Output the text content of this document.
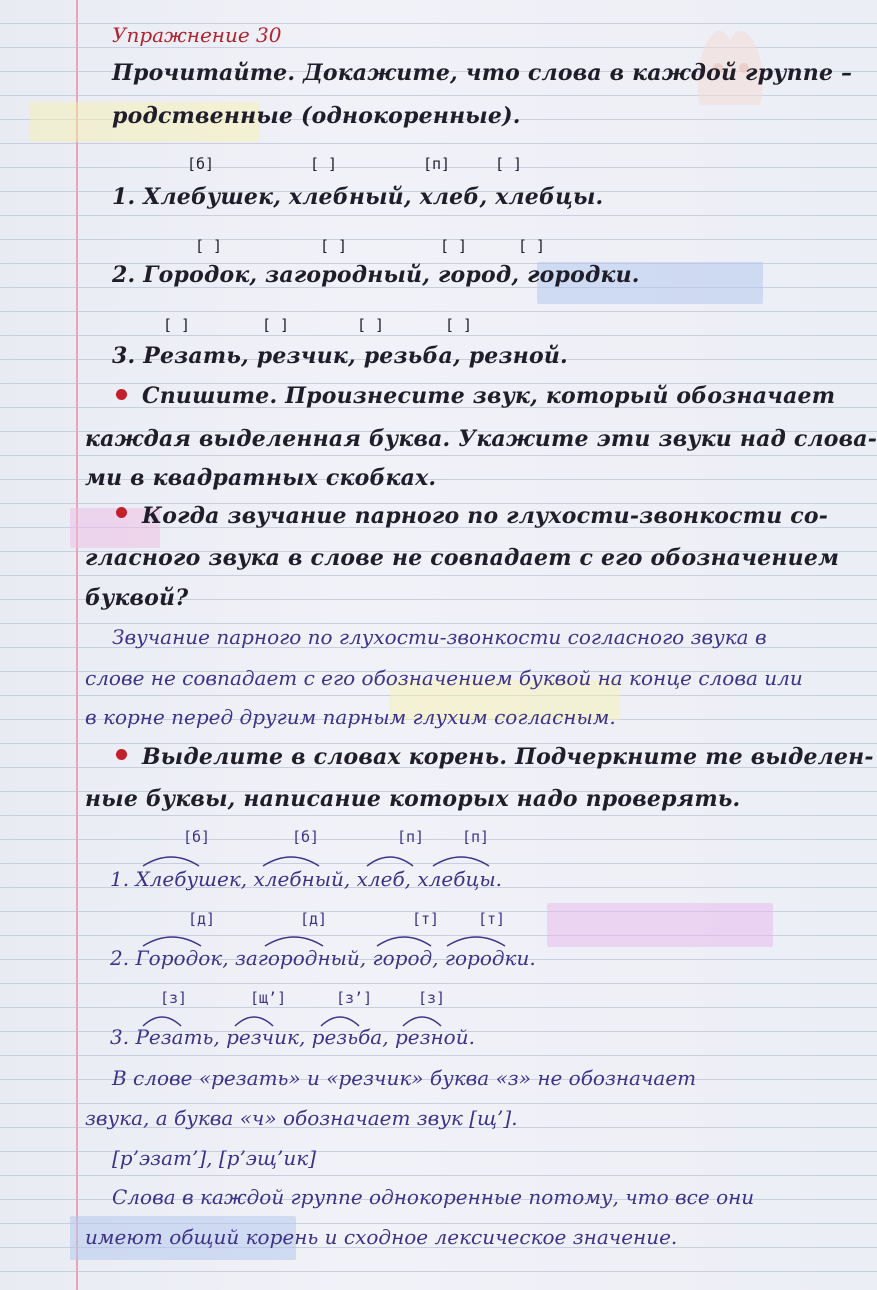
Упражнение 30
Прочитайте. Докажите, что слова в каждой группе –
родственные (однокоренные).
[б]	[ ]	[п]	[ ]
1. Хлебушек, хлебный, хлеб, хлебцы.
[ ]	[ ]	[ ]	[ ]
2. Городок, загородный, город, городки.
[ ]	[ ]	[ ]	[ ]
3. Резать, резчик, резьба, резной.
Спишите. Произнесите звук, который обозначает
каждая выделенная буква. Укажите эти звуки над слова-
ми в квадратных скобках.
Когда звучание парного по глухости-звонкости со-
гласного звука в слове не совпадает с его обозначением
буквой?
Звучание парного по глухости-звонкости согласного звука в
слове не совпадает с его обозначением буквой на конце слова или
в корне перед другим парным глухим согласным.
Выделите в словах корень. Подчеркните те выделен-
ные буквы, написание которых надо проверять.
[б]	[б]	[п]	[п]
1. Хлебушек, хлебный, хлеб, хлебцы.
[д]	[д]	[т]	[т]
2. Городок, загородный, город, городки.
[з]	[щ’]	[з’]	[з]
3. Резать, резчик, резьба, резной.
В слове «резать» и «резчик» буква «з» не обозначает
звука, а буква «ч» обозначает звук [щ’].
[р’эзат’], [р’эщ’ик]
Слова в каждой группе однокоренные потому, что все они
имеют общий корень и сходное лексическое значение.
